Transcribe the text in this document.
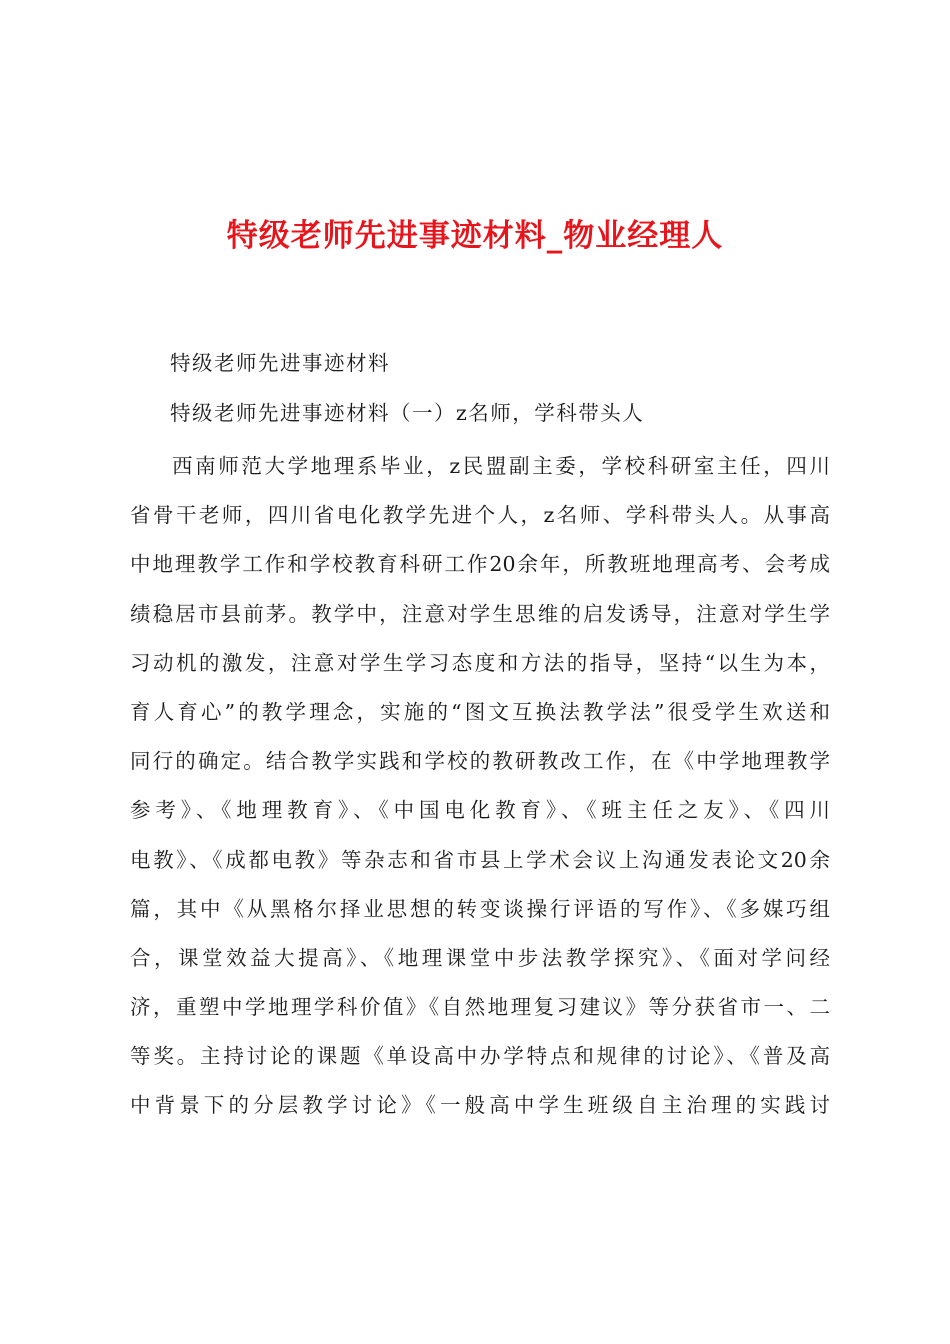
特级老师先进事迹材料_物业经理人
特级老师先进事迹材料
特级老师先进事迹材料（一）z名师，学科带头人
西南师范大学地理系毕业，z民盟副主委，学校科研室主任，四川
省骨干老师，四川省电化教学先进个人，z名师、学科带头人。从事高
中地理教学工作和学校教育科研工作20余年，所教班地理高考、会考成
绩稳居市县前茅。教学中，注意对学生思维的启发诱导，注意对学生学
习动机的激发，注意对学生学习态度和方法的指导，坚持“以生为本，
育人育心”的教学理念，实施的“图文互换法教学法”很受学生欢送和
同行的确定。结合教学实践和学校的教研教改工作，在《中学地理教学
参考》、《地理教育》、《中国电化教育》、《班主任之友》、《四川
电教》、《成都电教》等杂志和省市县上学术会议上沟通发表论文20余
篇，其中《从黑格尔择业思想的转变谈操行评语的写作》、《多媒巧组
合，课堂效益大提高》、《地理课堂中步法教学探究》、《面对学问经
济，重塑中学地理学科价值》《自然地理复习建议》等分获省市一、二
等奖。主持讨论的课题《单设高中办学特点和规律的讨论》、《普及高
中背景下的分层教学讨论》《一般高中学生班级自主治理的实践讨
